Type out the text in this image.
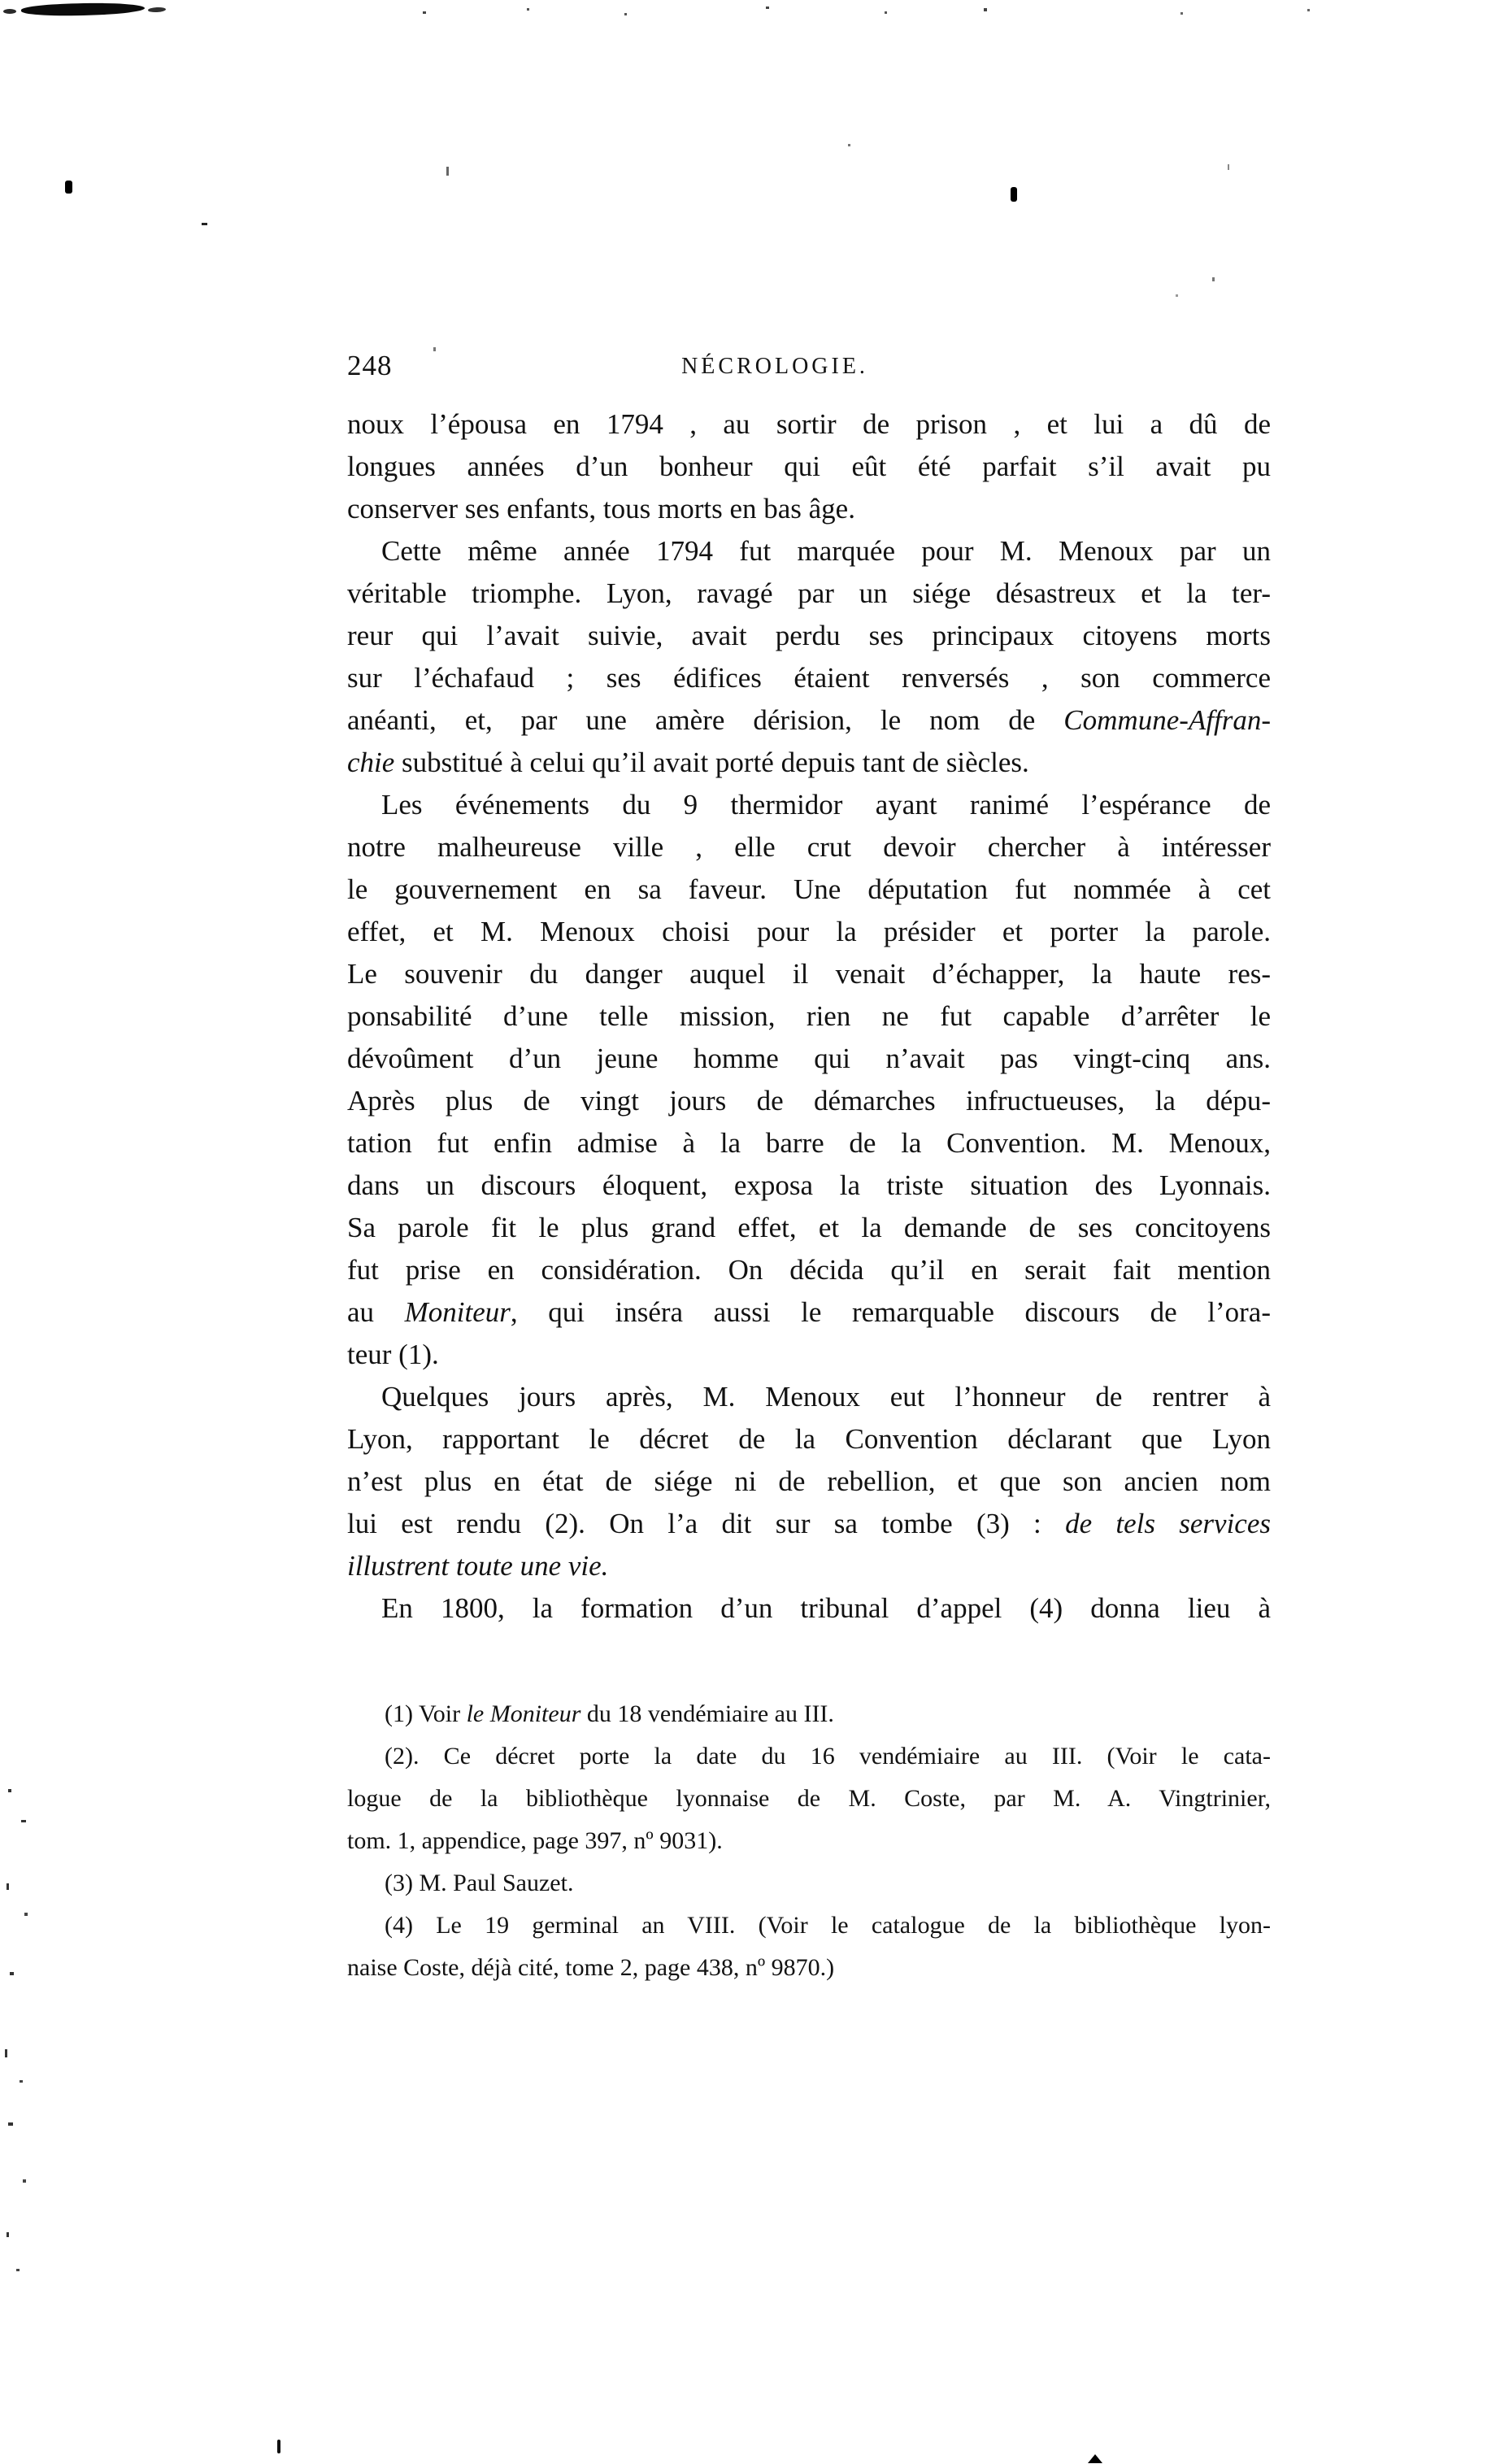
248	NÉCROLOGIE.
noux l’épousa en 1794 , au sortir de prison , et lui a dû de
longues années d’un bonheur qui eût été parfait s’il avait pu
conserver ses enfants, tous morts en bas âge.
Cette même année 1794 fut marquée pour M. Menoux par un
véritable triomphe. Lyon, ravagé par un siége désastreux et la ter-
reur qui l’avait suivie, avait perdu ses principaux citoyens morts
sur l’échafaud ; ses édifices étaient renversés , son commerce
anéanti, et, par une amère dérision, le nom de Commune-Affran-
chie substitué à celui qu’il avait porté depuis tant de siècles.
Les événements du 9 thermidor ayant ranimé l’espérance de
notre malheureuse ville , elle crut devoir chercher à intéresser
le gouvernement en sa faveur. Une députation fut nommée à cet
effet, et M. Menoux choisi pour la présider et porter la parole.
Le souvenir du danger auquel il venait d’échapper, la haute res-
ponsabilité d’une telle mission, rien ne fut capable d’arrêter le
dévoûment d’un jeune homme qui n’avait pas vingt-cinq ans.
Après plus de vingt jours de démarches infructueuses, la dépu-
tation fut enfin admise à la barre de la Convention. M. Menoux,
dans un discours éloquent, exposa la triste situation des Lyonnais.
Sa parole fit le plus grand effet, et la demande de ses concitoyens
fut prise en considération. On décida qu’il en serait fait mention
au Moniteur, qui inséra aussi le remarquable discours de l’ora-
teur (1).
Quelques jours après, M. Menoux eut l’honneur de rentrer à
Lyon, rapportant le décret de la Convention déclarant que Lyon
n’est plus en état de siége ni de rebellion, et que son ancien nom
lui est rendu (2). On l’a dit sur sa tombe (3) : de tels services
illustrent toute une vie.
En 1800, la formation d’un tribunal d’appel (4) donna lieu à
(1) Voir le Moniteur du 18 vendémiaire au III.
(2). Ce décret porte la date du 16 vendémiaire au III. (Voir le cata-
logue de la bibliothèque lyonnaise de M. Coste, par M. A. Vingtrinier,
tom. 1, appendice, page 397, nº 9031).
(3) M. Paul Sauzet.
(4) Le 19 germinal an VIII. (Voir le catalogue de la bibliothèque lyon-
naise Coste, déjà cité, tome 2, page 438, nº 9870.)
